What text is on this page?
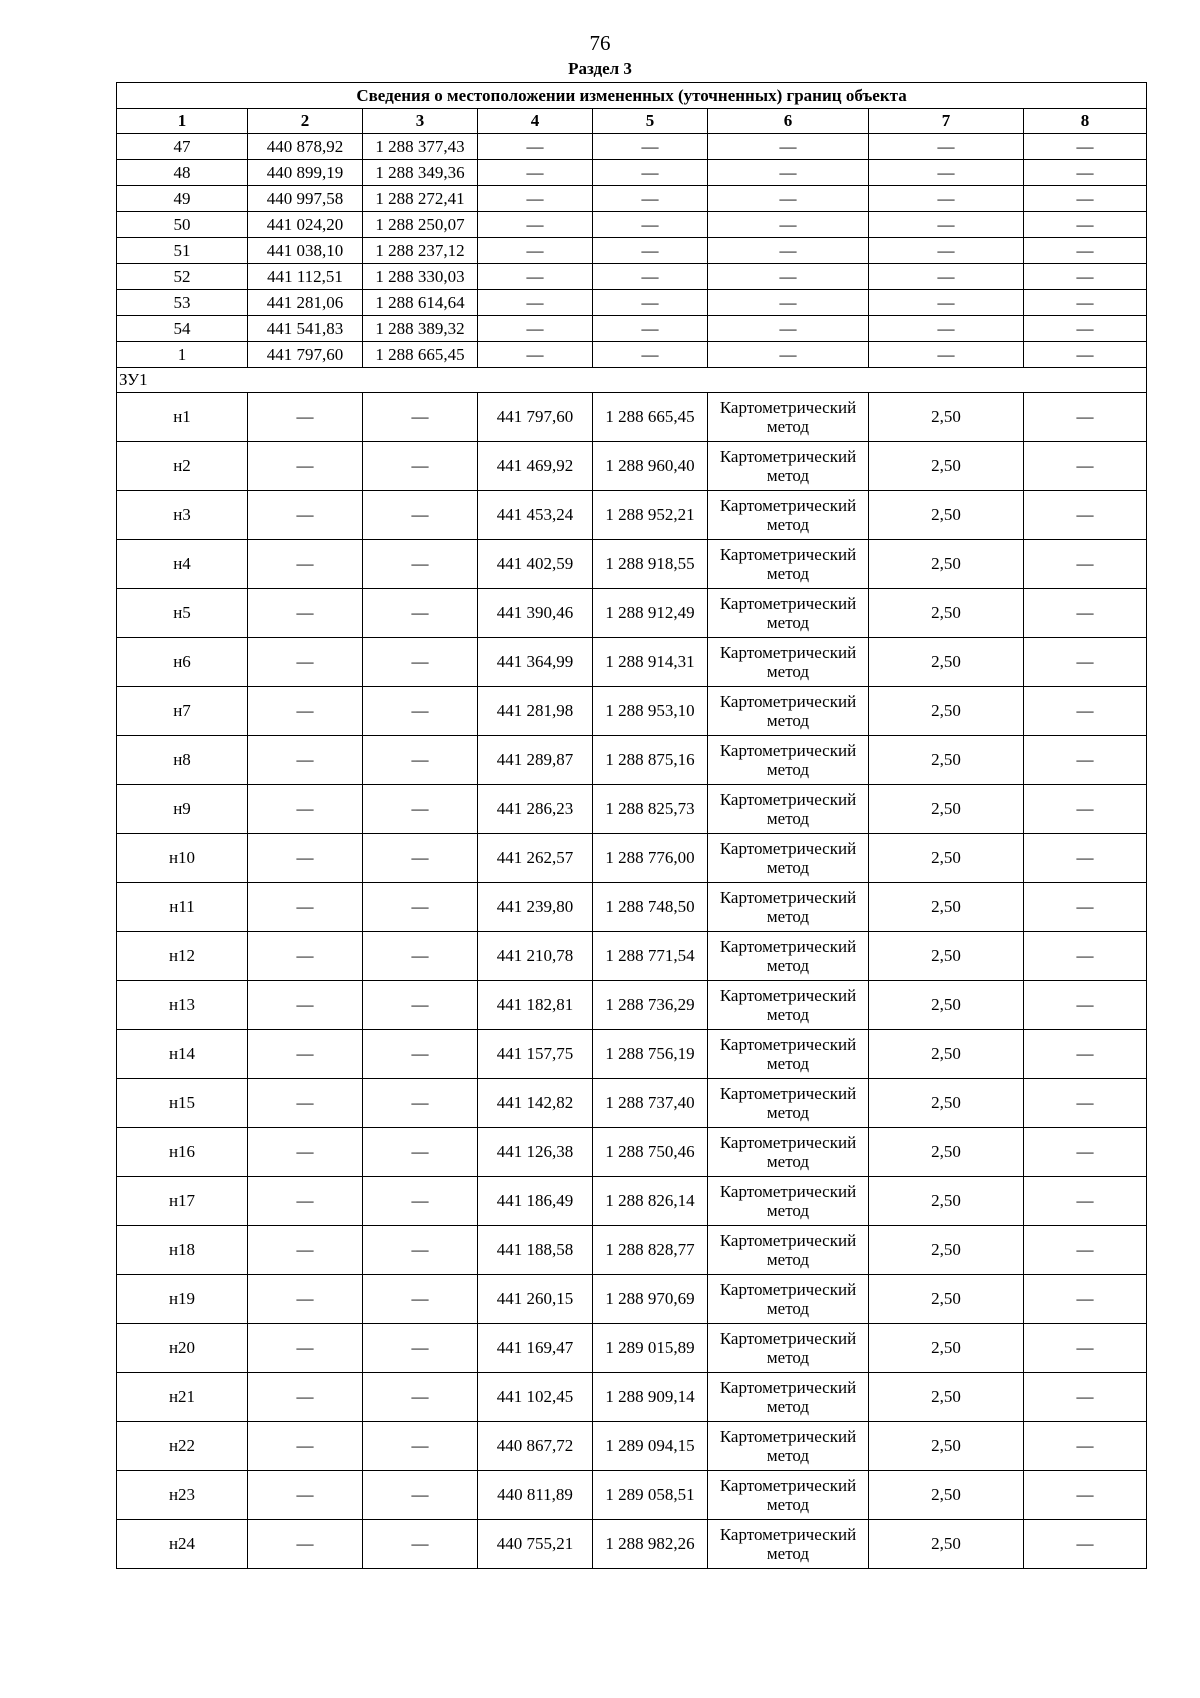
76
Раздел 3
Сведения о местоположении измененных (уточненных) границ объекта							
1	2	3	4	5	6	7	8
47	440 878,92	1 288 377,43	—	—	—	—	—
48	440 899,19	1 288 349,36	—	—	—	—	—
49	440 997,58	1 288 272,41	—	—	—	—	—
50	441 024,20	1 288 250,07	—	—	—	—	—
51	441 038,10	1 288 237,12	—	—	—	—	—
52	441 112,51	1 288 330,03	—	—	—	—	—
53	441 281,06	1 288 614,64	—	—	—	—	—
54	441 541,83	1 288 389,32	—	—	—	—	—
1	441 797,60	1 288 665,45	—	—	—	—	—
ЗУ1							
н1	—	—	441 797,60	1 288 665,45	Картометрический метод	2,50	—
н2	—	—	441 469,92	1 288 960,40	Картометрический метод	2,50	—
н3	—	—	441 453,24	1 288 952,21	Картометрический метод	2,50	—
н4	—	—	441 402,59	1 288 918,55	Картометрический метод	2,50	—
н5	—	—	441 390,46	1 288 912,49	Картометрический метод	2,50	—
н6	—	—	441 364,99	1 288 914,31	Картометрический метод	2,50	—
н7	—	—	441 281,98	1 288 953,10	Картометрический метод	2,50	—
н8	—	—	441 289,87	1 288 875,16	Картометрический метод	2,50	—
н9	—	—	441 286,23	1 288 825,73	Картометрический метод	2,50	—
н10	—	—	441 262,57	1 288 776,00	Картометрический метод	2,50	—
н11	—	—	441 239,80	1 288 748,50	Картометрический метод	2,50	—
н12	—	—	441 210,78	1 288 771,54	Картометрический метод	2,50	—
н13	—	—	441 182,81	1 288 736,29	Картометрический метод	2,50	—
н14	—	—	441 157,75	1 288 756,19	Картометрический метод	2,50	—
н15	—	—	441 142,82	1 288 737,40	Картометрический метод	2,50	—
н16	—	—	441 126,38	1 288 750,46	Картометрический метод	2,50	—
н17	—	—	441 186,49	1 288 826,14	Картометрический метод	2,50	—
н18	—	—	441 188,58	1 288 828,77	Картометрический метод	2,50	—
н19	—	—	441 260,15	1 288 970,69	Картометрический метод	2,50	—
н20	—	—	441 169,47	1 289 015,89	Картометрический метод	2,50	—
н21	—	—	441 102,45	1 288 909,14	Картометрический метод	2,50	—
н22	—	—	440 867,72	1 289 094,15	Картометрический метод	2,50	—
н23	—	—	440 811,89	1 289 058,51	Картометрический метод	2,50	—
н24	—	—	440 755,21	1 288 982,26	Картометрический метод	2,50	—
